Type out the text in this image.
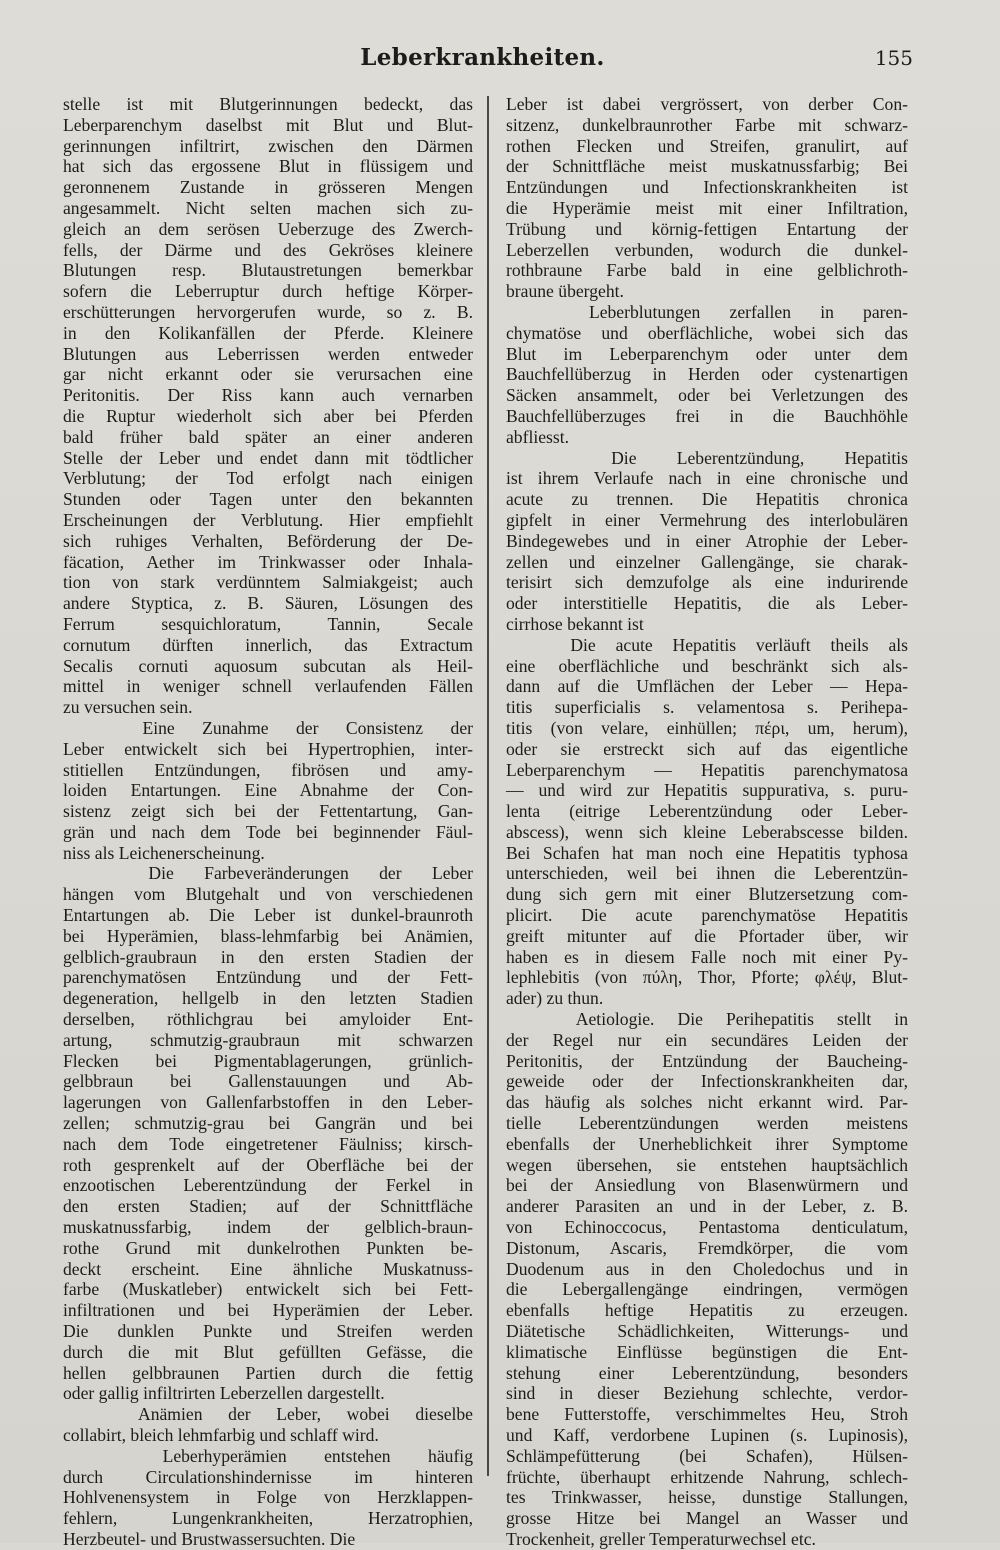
Leberkrankheiten.	155
stelle ist mit Blutgerinnungen bedeckt, das
Leberparenchym daselbst mit Blut und Blut-
gerinnungen infiltrirt, zwischen den Därmen
hat sich das ergossene Blut in flüssigem und
geronnenem Zustande in grösseren Mengen
angesammelt. Nicht selten machen sich zu-
gleich an dem serösen Ueberzuge des Zwerch-
fells, der Därme und des Gekröses kleinere
Blutungen resp. Blutaustretungen bemerkbar
sofern die Leberruptur durch heftige Körper-
erschütterungen hervorgerufen wurde, so z. B.
in den Kolikanfällen der Pferde. Kleinere
Blutungen aus Leberrissen werden entweder
gar nicht erkannt oder sie verursachen eine
Peritonitis. Der Riss kann auch vernarben
die Ruptur wiederholt sich aber bei Pferden
bald früher bald später an einer anderen
Stelle der Leber und endet dann mit tödtlicher
Verblutung; der Tod erfolgt nach einigen
Stunden oder Tagen unter den bekannten
Erscheinungen der Verblutung. Hier empfiehlt
sich ruhiges Verhalten, Beförderung der De-
fäcation, Aether im Trinkwasser oder Inhala-
tion von stark verdünntem Salmiakgeist; auch
andere Styptica, z. B. Säuren, Lösungen des
Ferrum sesquichloratum, Tannin, Secale
cornutum dürften innerlich, das Extractum
Secalis cornuti aquosum subcutan als Heil-
mittel in weniger schnell verlaufenden Fällen
zu versuchen sein.
Eine Zunahme der Consistenz der
Leber entwickelt sich bei Hypertrophien, inter-
stitiellen Entzündungen, fibrösen und amy-
loiden Entartungen. Eine Abnahme der Con-
sistenz zeigt sich bei der Fettentartung, Gan-
grän und nach dem Tode bei beginnender Fäul-
niss als Leichenerscheinung.
Die Farbeveränderungen der Leber
hängen vom Blutgehalt und von verschiedenen
Entartungen ab. Die Leber ist dunkel-braunroth
bei Hyperämien, blass-lehmfarbig bei Anämien,
gelblich-graubraun in den ersten Stadien der
parenchymatösen Entzündung und der Fett-
degeneration, hellgelb in den letzten Stadien
derselben, röthlichgrau bei amyloider Ent-
artung, schmutzig-graubraun mit schwarzen
Flecken bei Pigmentablagerungen, grünlich-
gelbbraun bei Gallenstauungen und Ab-
lagerungen von Gallenfarbstoffen in den Leber-
zellen; schmutzig-grau bei Gangrän und bei
nach dem Tode eingetretener Fäulniss; kirsch-
roth gesprenkelt auf der Oberfläche bei der
enzootischen Leberentzündung der Ferkel in
den ersten Stadien; auf der Schnittfläche
muskatnussfarbig, indem der gelblich-braun-
rothe Grund mit dunkelrothen Punkten be-
deckt erscheint. Eine ähnliche Muskatnuss-
farbe (Muskatleber) entwickelt sich bei Fett-
infiltrationen und bei Hyperämien der Leber.
Die dunklen Punkte und Streifen werden
durch die mit Blut gefüllten Gefässe, die
hellen gelbbraunen Partien durch die fettig
oder gallig infiltrirten Leberzellen dargestellt.
Anämien der Leber, wobei dieselbe
collabirt, bleich lehmfarbig und schlaff wird.
Leberhyperämien entstehen häufig
durch Circulationshindernisse im hinteren
Hohlvenensystem in Folge von Herzklappen-
fehlern, Lungenkrankheiten, Herzatrophien,
Herzbeutel- und Brustwassersuchten. Die
Leber ist dabei vergrössert, von derber Con-
sitzenz, dunkelbraunrother Farbe mit schwarz-
rothen Flecken und Streifen, granulirt, auf
der Schnittfläche meist muskatnussfarbig; Bei
Entzündungen und Infectionskrankheiten ist
die Hyperämie meist mit einer Infiltration,
Trübung und körnig-fettigen Entartung der
Leberzellen verbunden, wodurch die dunkel-
rothbraune Farbe bald in eine gelblichroth-
braune übergeht.
Leberblutungen zerfallen in paren-
chymatöse und oberflächliche, wobei sich das
Blut im Leberparenchym oder unter dem
Bauchfellüberzug in Herden oder cystenartigen
Säcken ansammelt, oder bei Verletzungen des
Bauchfellüberzuges frei in die Bauchhöhle
abfliesst.
Die Leberentzündung, Hepatitis
ist ihrem Verlaufe nach in eine chronische und
acute zu trennen. Die Hepatitis chronica
gipfelt in einer Vermehrung des interlobulären
Bindegewebes und in einer Atrophie der Leber-
zellen und einzelner Gallengänge, sie charak-
terisirt sich demzufolge als eine indurirende
oder interstitielle Hepatitis, die als Leber-
cirrhose bekannt ist
Die acute Hepatitis verläuft theils als
eine oberflächliche und beschränkt sich als-
dann auf die Umflächen der Leber — Hepa-
titis superficialis s. velamentosa s. Perihepa-
titis (von velare, einhüllen; πέρι, um, herum),
oder sie erstreckt sich auf das eigentliche
Leberparenchym — Hepatitis parenchymatosa
— und wird zur Hepatitis suppurativa, s. puru-
lenta (eitrige Leberentzündung oder Leber-
abscess), wenn sich kleine Leberabscesse bilden.
Bei Schafen hat man noch eine Hepatitis typhosa
unterschieden, weil bei ihnen die Leberentzün-
dung sich gern mit einer Blutzersetzung com-
plicirt. Die acute parenchymatöse Hepatitis
greift mitunter auf die Pfortader über, wir
haben es in diesem Falle noch mit einer Py-
lephlebitis (von πύλη, Thor, Pforte; φλέψ, Blut-
ader) zu thun.
Aetiologie. Die Perihepatitis stellt in
der Regel nur ein secundäres Leiden der
Peritonitis, der Entzündung der Baucheing-
geweide oder der Infectionskrankheiten dar,
das häufig als solches nicht erkannt wird. Par-
tielle Leberentzündungen werden meistens
ebenfalls der Unerheblichkeit ihrer Symptome
wegen übersehen, sie entstehen hauptsächlich
bei der Ansiedlung von Blasenwürmern und
anderer Parasiten an und in der Leber, z. B.
von Echinoccocus, Pentastoma denticulatum,
Distonum, Ascaris, Fremdkörper, die vom
Duodenum aus in den Choledochus und in
die Lebergallengänge eindringen, vermögen
ebenfalls heftige Hepatitis zu erzeugen.
Diätetische Schädlichkeiten, Witterungs- und
klimatische Einflüsse begünstigen die Ent-
stehung einer Leberentzündung, besonders
sind in dieser Beziehung schlechte, verdor-
bene Futterstoffe, verschimmeltes Heu, Stroh
und Kaff, verdorbene Lupinen (s. Lupinosis),
Schlämpefütterung (bei Schafen), Hülsen-
früchte, überhaupt erhitzende Nahrung, schlech-
tes Trinkwasser, heisse, dunstige Stallungen,
grosse Hitze bei Mangel an Wasser und
Trockenheit, greller Temperaturwechsel etc.
